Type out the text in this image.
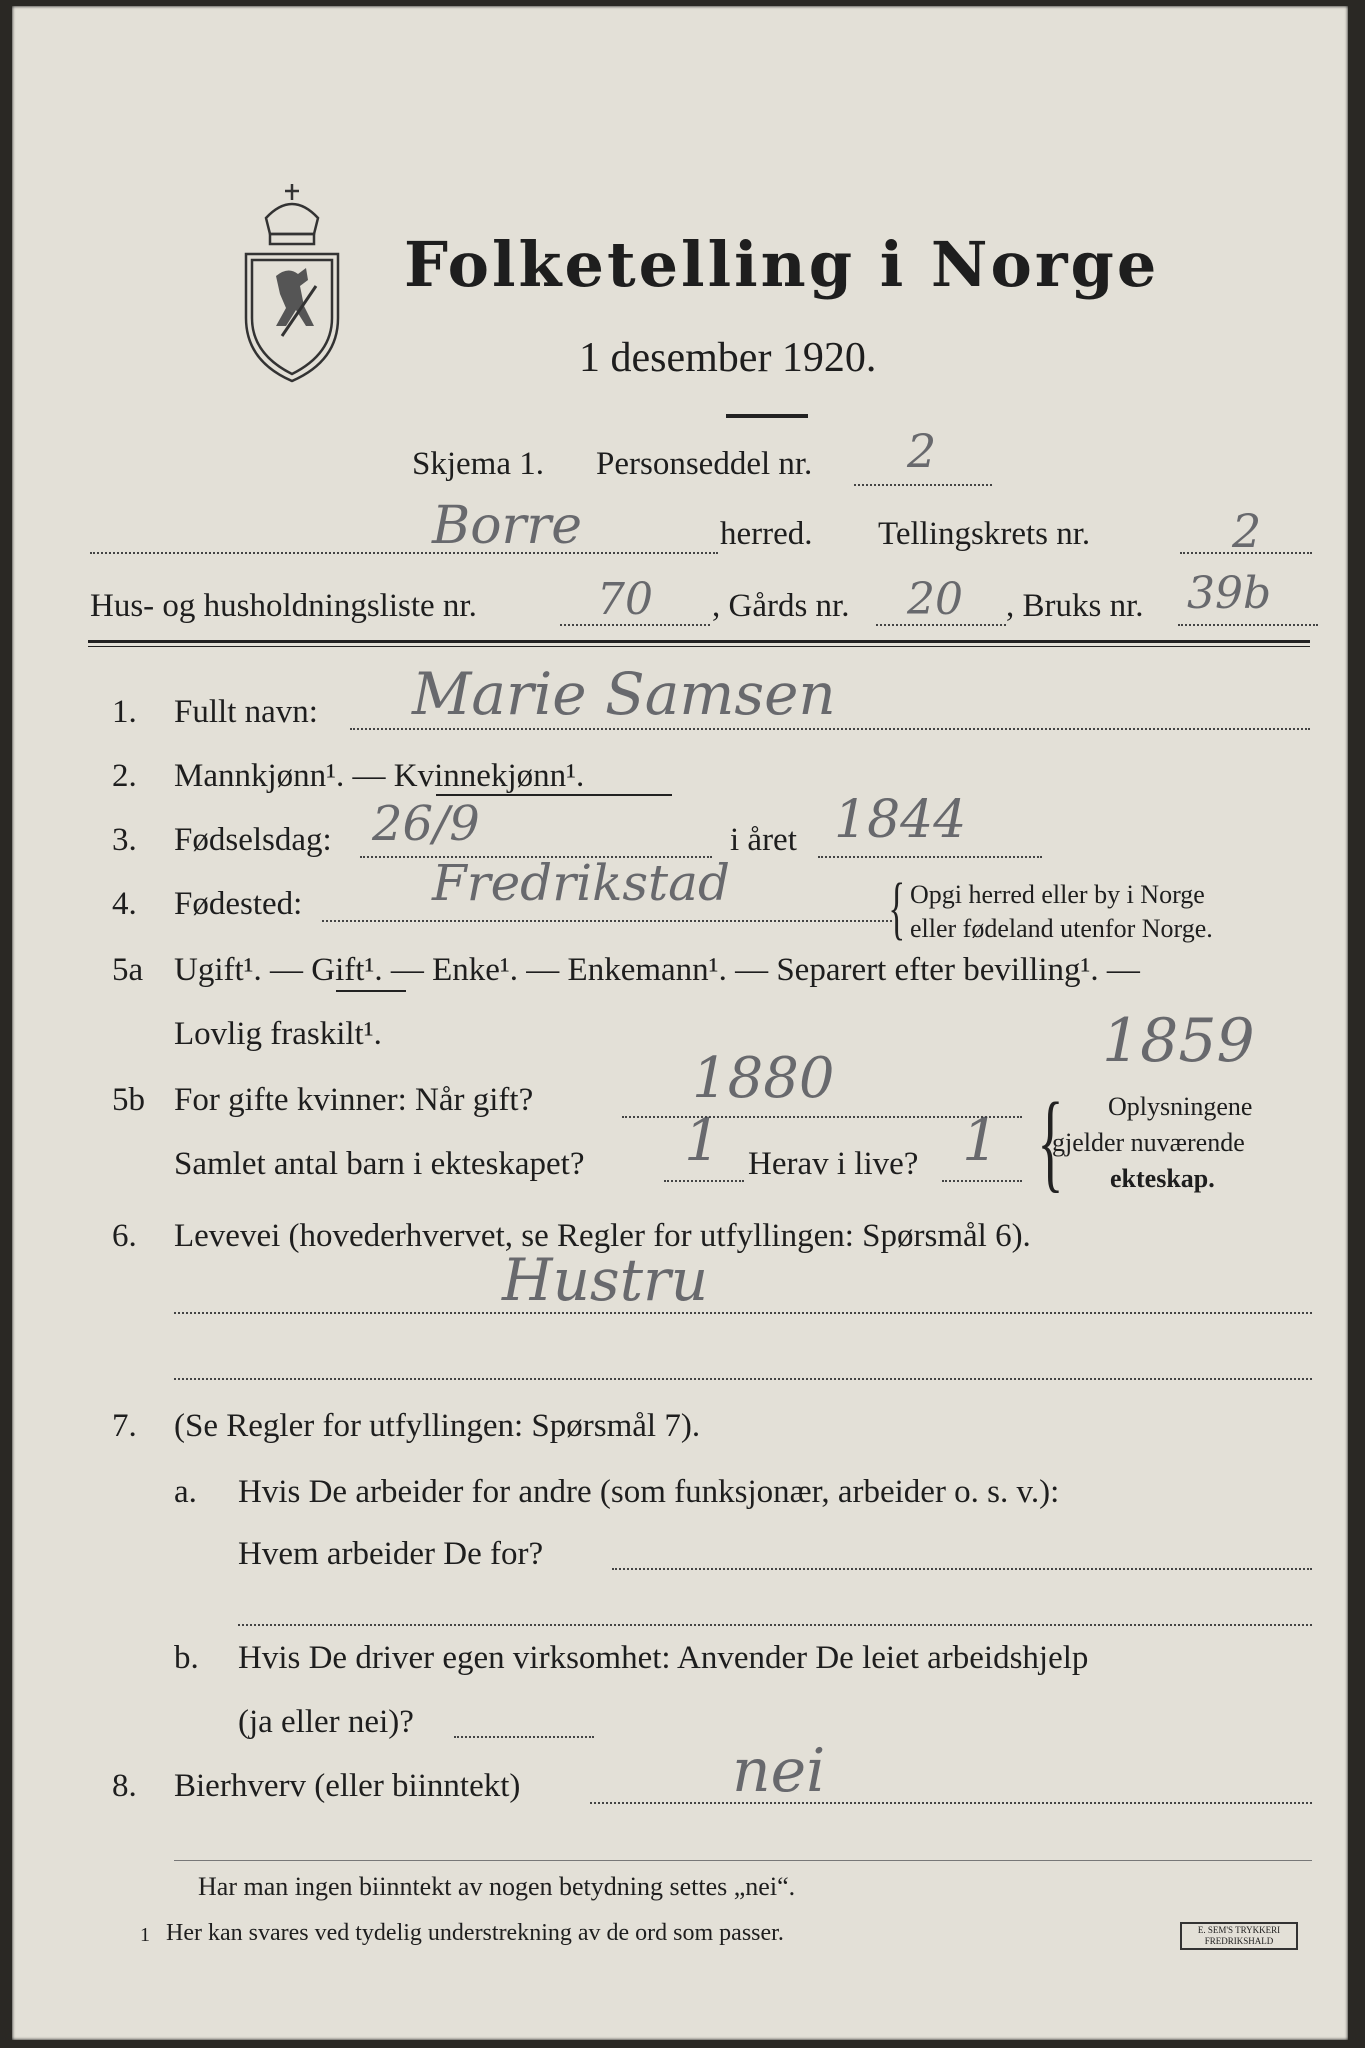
Folketelling i Norge
1 desember 1920.
Skjema 1. Personseddel nr. 2
Borre	herred. Tellingskrets nr.	2
Hus- og husholdningsliste nr.	70 , Gårds nr. 20 , Bruks nr. 39b
1. Fullt navn: Marie Samsen
2. Mannkjønn¹. — Kvinnekjønn¹.
3. Fødselsdag: 26/9	i året 1844
4. Fødested:	Fredrikstad { Opgi herred eller by i Norge
eller fødeland utenfor Norge.
5a Ugift¹. — Gift¹. — Enke¹. — Enkemann¹. — Separert efter bevilling¹. —
Lovlig fraskilt¹.	1859
5b For gifte kvinner: Når gift?	1880
Samlet antal barn i ekteskapet? 1 Herav i live? 1 { Oplysningene
gjelder nuværende
ekteskap.
6. Levevei (hovederhvervet, se Regler for utfyllingen: Spørsmål 6).
Hustru
7. (Se Regler for utfyllingen: Spørsmål 7).
a. Hvis De arbeider for andre (som funksjonær, arbeider o. s. v.):
Hvem arbeider De for?
b. Hvis De driver egen virksomhet: Anvender De leiet arbeidshjelp
(ja eller nei)?
8. Bierhverv (eller biinntekt)	nei
Har man ingen biinntekt av nogen betydning settes „nei“.
1 Her kan svares ved tydelig understrekning av de ord som passer.	E. SEM'S TRYKKERI
FREDRIKSHALD
